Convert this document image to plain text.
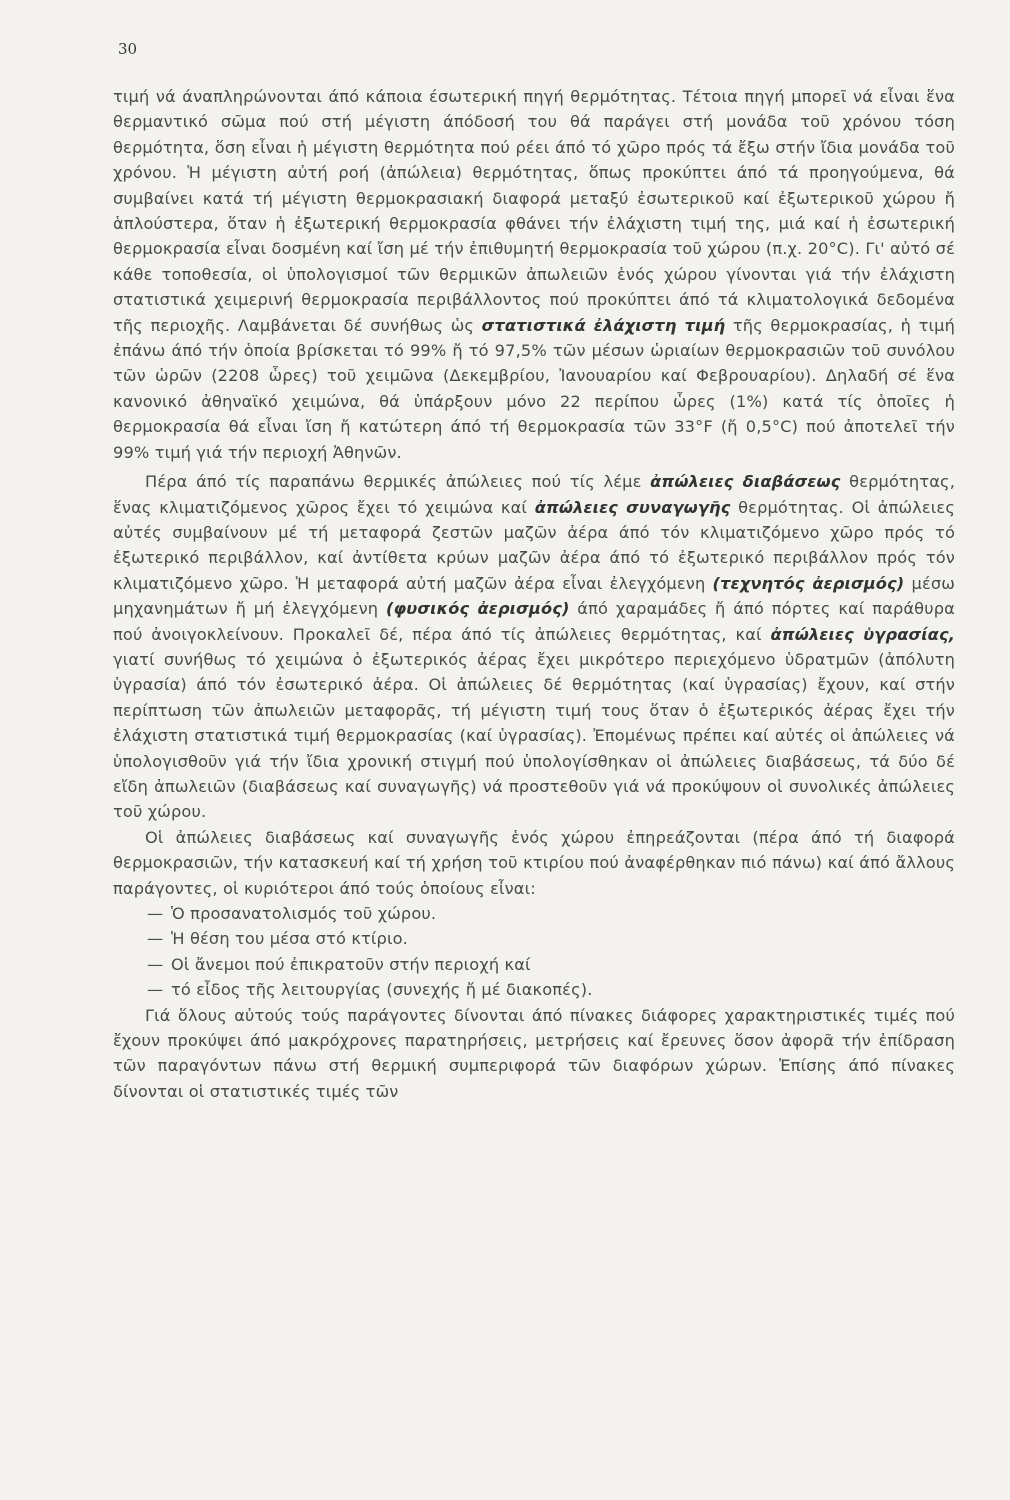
30

τιμή νά άναπληρώνονται άπό κάποια έσωτερική πηγή θερμότητας. Τέτοια πηγή μπορεῖ νά εἶναι ἕνα θερμαντικό σῶμα πού στή μέγιστη άπόδοσή του θά παράγει στή μονάδα τοῦ χρόνου τόση θερμότητα, ὅση εἶναι ἡ μέγιστη θερμότητα πού ρέει άπό τό χῶρο πρός τά ἔξω στήν ἴδια μονάδα τοῦ χρόνου. Ἡ μέγιστη αὐτή ροή (ἀπώλεια) θερμότητας, ὅπως προκύπτει άπό τά προηγούμενα, θά συμβαίνει κατά τή μέγιστη θερμοκρασιακή διαφορά μεταξύ ἐσωτερικοῦ καί ἐξωτερικοῦ χώρου ἤ ἁπλούστερα, ὅταν ἡ ἐξωτερική θερμοκρασία φθάνει τήν ἐλάχιστη τιμή της, μιά καί ἡ ἐσωτερική θερμοκρασία εἶναι δοσμένη καί ἴση μέ τήν ἐπιθυμητή θερμοκρασία τοῦ χώρου (π.χ. 20°C). Γι' αὐτό σέ κάθε τοποθεσία, οἱ ὑπολογισμοί τῶν θερμικῶν ἀπωλειῶν ἑνός χώρου γίνονται γιά τήν ἐλάχιστη στατιστικά χειμερινή θερμοκρασία περιβάλλοντος πού προκύπτει άπό τά κλιματολογικά δεδομένα τῆς περιοχῆς. Λαμβάνεται δέ συνήθως ὡς στατιστικά ἐλάχιστη τιμή τῆς θερμοκρασίας, ἡ τιμή ἐπάνω άπό τήν ὁποία βρίσκεται τό 99% ἤ τό 97,5% τῶν μέσων ὡριαίων θερμοκρασιῶν τοῦ συνόλου τῶν ὡρῶν (2208 ὧρες) τοῦ χειμῶνα (Δεκεμβρίου, Ἰανουαρίου καί Φεβρουαρίου). Δηλαδή σέ ἕνα κανονικό ἀθηναϊκό χειμώνα, θά ὑπάρξουν μόνο 22 περίπου ὧρες (1%) κατά τίς ὁποῖες ἡ θερμοκρασία θά εἶναι ἴση ἤ κατώτερη άπό τή θερμοκρασία τῶν 33°F (ἤ 0,5°C) πού ἀποτελεῖ τήν 99% τιμή γιά τήν περιοχή Ἀθηνῶν.

Πέρα άπό τίς παραπάνω θερμικές ἀπώλειες πού τίς λέμε ἀπώλειες διαβάσεως θερμότητας, ἕνας κλιματιζόμενος χῶρος ἔχει τό χειμώνα καί ἀπώλειες συναγωγῆς θερμότητας. Οἱ ἀπώλειες αὐτές συμβαίνουν μέ τή μεταφορά ζεστῶν μαζῶν ἀέρα άπό τόν κλιματιζόμενο χῶρο πρός τό ἐξωτερικό περιβάλλον, καί ἀντίθετα κρύων μαζῶν ἀέρα άπό τό ἐξωτερικό περιβάλλον πρός τόν κλιματιζόμενο χῶρο. Ἡ μεταφορά αὐτή μαζῶν ἀέρα εἶναι ἐλεγχόμενη (τεχνητός ἀερισμός) μέσω μηχανημάτων ἤ μή ἐλεγχόμενη (φυσικός ἀερισμός) άπό χαραμάδες ἤ άπό πόρτες καί παράθυρα πού ἀνοιγοκλείνουν. Προκαλεῖ δέ, πέρα άπό τίς ἀπώλειες θερμότητας, καί ἀπώλειες ὑγρασίας, γιατί συνήθως τό χειμώνα ὁ ἐξωτερικός ἀέρας ἔχει μικρότερο περιεχόμενο ὑδρατμῶν (ἀπόλυτη ὑγρασία) άπό τόν ἐσωτερικό ἀέρα. Οἱ ἀπώλειες δέ θερμότητας (καί ὑγρασίας) ἔχουν, καί στήν περίπτωση τῶν ἀπωλειῶν μεταφορᾶς, τή μέγιστη τιμή τους ὅταν ὁ ἐξωτερικός ἀέρας ἔχει τήν ἐλάχιστη στατιστικά τιμή θερμοκρασίας (καί ὑγρασίας). Ἐπομένως πρέπει καί αὐτές οἱ ἀπώλειες νά ὑπολογισθοῦν γιά τήν ἴδια χρονική στιγμή πού ὑπολογίσθηκαν οἱ ἀπώλειες διαβάσεως, τά δύο δέ εἴδη ἀπωλειῶν (διαβάσεως καί συναγωγῆς) νά προστεθοῦν γιά νά προκύψουν οἱ συνολικές ἀπώλειες τοῦ χώρου.

Οἱ ἀπώλειες διαβάσεως καί συναγωγῆς ἑνός χώρου ἐπηρεάζονται (πέρα άπό τή διαφορά θερμοκρασιῶν, τήν κατασκευή καί τή χρήση τοῦ κτιρίου πού ἀναφέρθηκαν πιό πάνω) καί άπό ἄλλους παράγοντες, οἱ κυριότεροι άπό τούς ὁποίους εἶναι:

— Ὁ προσανατολισμός τοῦ χώρου.
— Ἡ θέση του μέσα στό κτίριο.
— Οἱ ἄνεμοι πού ἐπικρατοῦν στήν περιοχή καί
— τό εἶδος τῆς λειτουργίας (συνεχής ἤ μέ διακοπές).

Γιά ὅλους αὐτούς τούς παράγοντες δίνονται άπό πίνακες διάφορες χαρακτηριστικές τιμές πού ἔχουν προκύψει άπό μακρόχρονες παρατηρήσεις, μετρήσεις καί ἔρευνες ὅσον ἀφορᾶ τήν ἐπίδραση τῶν παραγόντων πάνω στή θερμική συμπεριφορά τῶν διαφόρων χώρων. Ἐπίσης άπό πίνακες δίνονται οἱ στατιστικές τιμές τῶν
